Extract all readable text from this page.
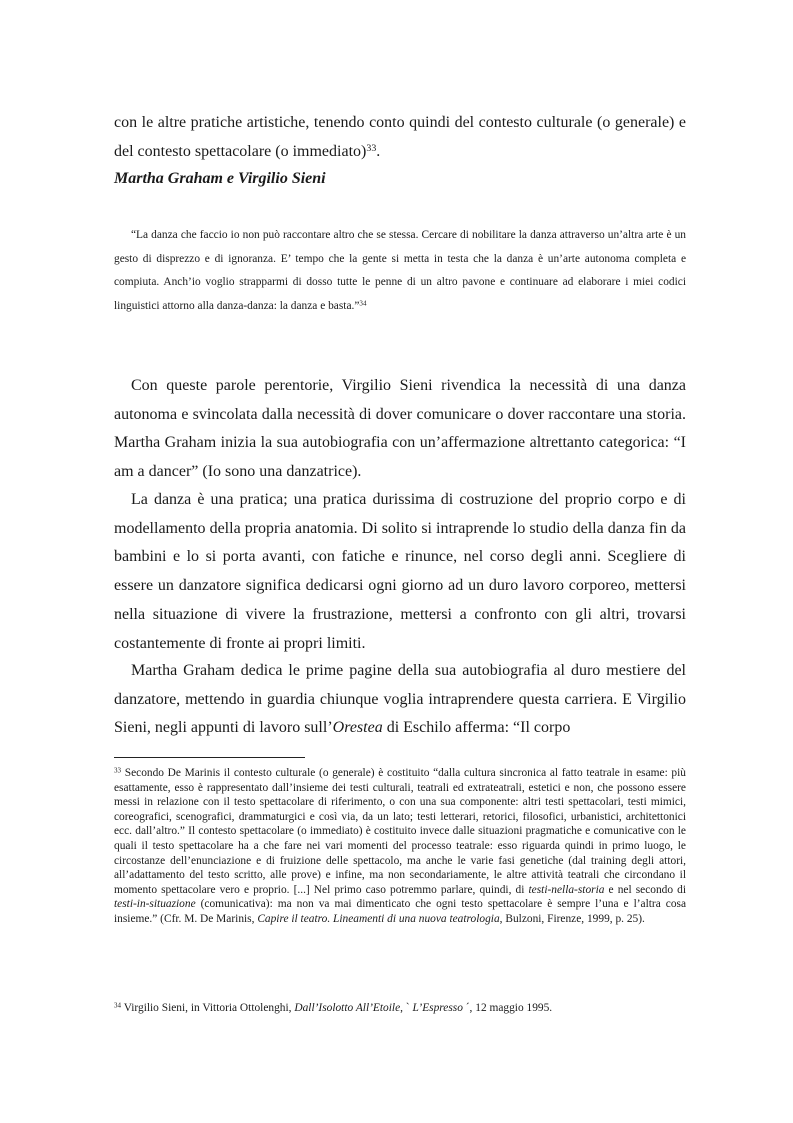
con le altre pratiche artistiche, tenendo conto quindi del contesto culturale (o generale) e del contesto spettacolare (o immediato)$^{33}$.

Martha Graham e Virgilio Sieni

“La danza che faccio io non può raccontare altro che se stessa. Cercare di nobilitare la danza attraverso un’altra arte è un gesto di disprezzo e di ignoranza. E’ tempo che la gente si metta in testa che la danza è un’arte autonoma completa e compiuta. Anch’io voglio strapparmi di dosso tutte le penne di un altro pavone e continuare ad elaborare i miei codici linguistici attorno alla danza-danza: la danza e basta.”$^{34}$

Con queste parole perentorie, Virgilio Sieni rivendica la necessità di una danza autonoma e svincolata dalla necessità di dover comunicare o dover raccontare una storia. Martha Graham inizia la sua autobiografia con un’affermazione altrettanto categorica: “I am a dancer” (Io sono una danzatrice).

La danza è una pratica; una pratica durissima di costruzione del proprio corpo e di modellamento della propria anatomia. Di solito si intraprende lo studio della danza fin da bambini e lo si porta avanti, con fatiche e rinunce, nel corso degli anni. Scegliere di essere un danzatore significa dedicarsi ogni giorno ad un duro lavoro corporeo, mettersi nella situazione di vivere la frustrazione, mettersi a confronto con gli altri, trovarsi costantemente di fronte ai propri limiti.

Martha Graham dedica le prime pagine della sua autobiografia al duro mestiere del danzatore, mettendo in guardia chiunque voglia intraprendere questa carriera. E Virgilio Sieni, negli appunti di lavoro sull’Orestea di Eschilo afferma: “Il corpo

$^{33}$ Secondo De Marinis il contesto culturale (o generale) è costituito “dalla cultura sincronica al fatto teatrale in esame: più esattamente, esso è rappresentato dall’insieme dei testi culturali, teatrali ed extrateatrali, estetici e non, che possono essere messi in relazione con il testo spettacolare di riferimento, o con una sua componente: altri testi spettacolari, testi mimici, coreografici, scenografici, drammaturgici e così via, da un lato; testi letterari, retorici, filosofici, urbanistici, architettonici ecc. dall’altro.” Il contesto spettacolare (o immediato) è costituito invece dalle situazioni pragmatiche e comunicative con le quali il testo spettacolare ha a che fare nei vari momenti del processo teatrale: esso riguarda quindi in primo luogo, le circostanze dell’enunciazione e di fruizione delle spettacolo, ma anche le varie fasi genetiche (dal training degli attori, all’adattamento del testo scritto, alle prove) e infine, ma non secondariamente, le altre attività teatrali che circondano il momento spettacolare vero e proprio. [...] Nel primo caso potremmo parlare, quindi, di testi-nella-storia e nel secondo di testi-in-situazione (comunicativa): ma non va mai dimenticato che ogni testo spettacolare è sempre l’una e l’altra cosa insieme.” (Cfr. M. De Marinis, Capire il teatro. Lineamenti di una nuova teatrologia, Bulzoni, Firenze, 1999, p. 25).

$^{34}$ Virgilio Sieni, in Vittoria Ottolenghi, Dall’Isolotto All’Etoile, ` L’Espresso ´, 12 maggio 1995.
